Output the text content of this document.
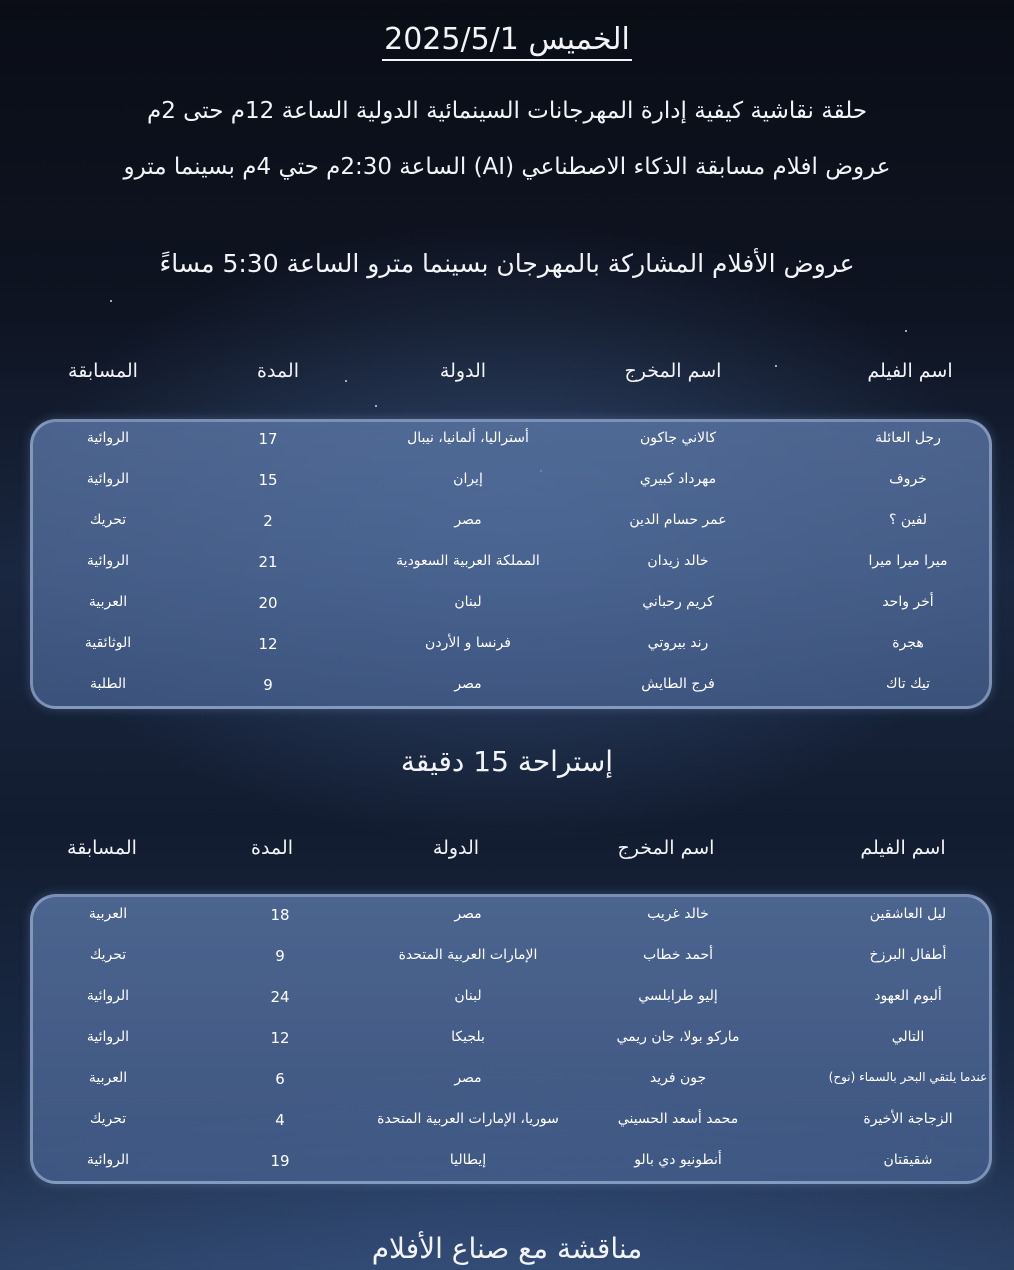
الخميس 2025/5/1
حلقة نقاشية كيفية إدارة المهرجانات السينمائية الدولية الساعة 12م حتى 2م
عروض افلام مسابقة الذكاء الاصطناعي (AI) الساعة 2:30م حتي 4م بسينما مترو
عروض الأفلام المشاركة بالمهرجان بسينما مترو الساعة 5:30 مساءً
اسم الفيلم
اسم المخرج
الدولة
المدة
المسابقة
رجل العائلة
كالاني جاكون
أستراليا، ألمانيا، نيبال
17
الروائية
خروف
مهرداد كبيري
إيران
15
الروائية
لفين ؟
عمر حسام الدين
مصر
2
تحريك
ميرا ميرا ميرا
خالد زيدان
المملكة العربية السعودية
21
الروائية
أخر واحد
كريم رحباني
لبنان
20
العربية
هجرة
رند بيروتي
فرنسا و الأردن
12
الوثائقية
تيك تاك
فرج الطايش
مصر
9
الطلبة
إستراحة 15 دقيقة
اسم الفيلم
اسم المخرج
الدولة
المدة
المسابقة
ليل العاشقين
خالد غريب
مصر
18
العربية
أطفال البرزخ
أحمد خطاب
الإمارات العربية المتحدة
9
تحريك
ألبوم العهود
إليو طرابلسي
لبنان
24
الروائية
التالي
ماركو بولا، جان ريمي
بلجيكا
12
الروائية
عندما يلتقي البحر بالسماء (نوح)
جون فريد
مصر
6
العربية
الزجاجة الأخيرة
محمد أسعد الحسيني
سوريا، الإمارات العربية المتحدة
4
تحريك
شقيقتان
أنطونيو دي بالو
إيطاليا
19
الروائية
مناقشة مع صناع الأفلام
